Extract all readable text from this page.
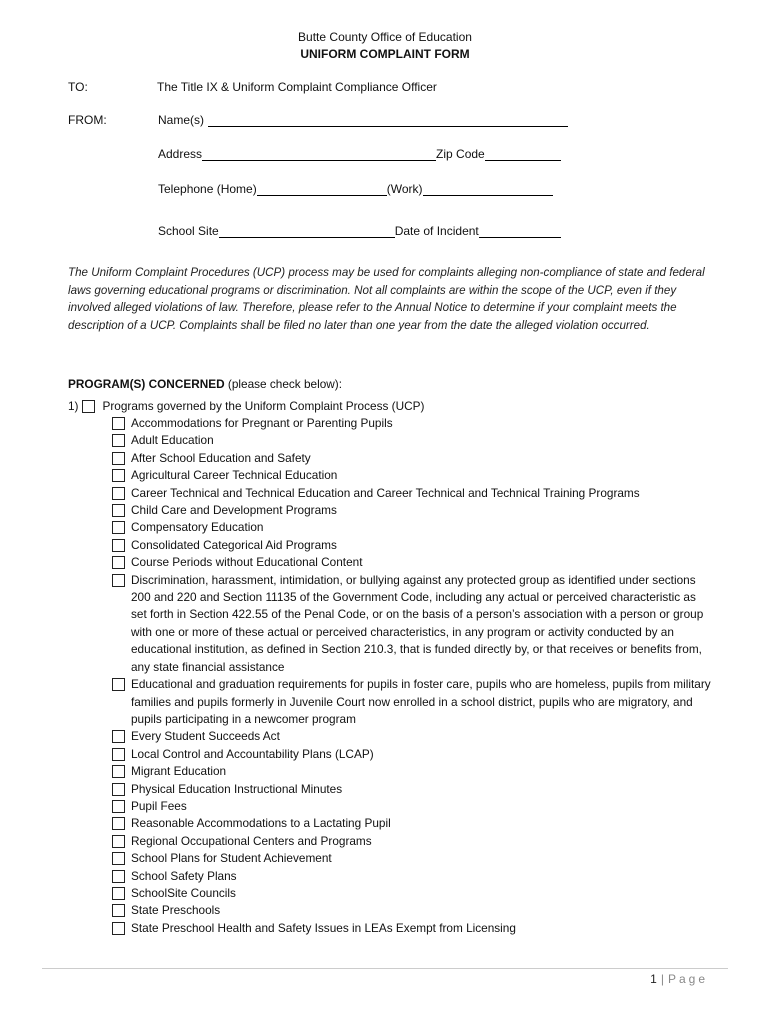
Butte County Office of Education
UNIFORM COMPLAINT FORM
TO:	The Title IX & Uniform Complaint Compliance Officer
FROM:	Name(s)
Address	Zip Code
Telephone (Home)	(Work)
School Site	Date of Incident
The Uniform Complaint Procedures (UCP) process may be used for complaints alleging non-compliance of state and federal laws governing educational programs or discrimination. Not all complaints are within the scope of the UCP, even if they involved alleged violations of law. Therefore, please refer to the Annual Notice to determine if your complaint meets the description of a UCP. Complaints shall be filed no later than one year from the date the alleged violation occurred.
PROGRAM(S) CONCERNED (please check below):
1) Programs governed by the Uniform Complaint Process (UCP)
Accommodations for Pregnant or Parenting Pupils
Adult Education
After School Education and Safety
Agricultural Career Technical Education
Career Technical and Technical Education and Career Technical and Technical Training Programs
Child Care and Development Programs
Compensatory Education
Consolidated Categorical Aid Programs
Course Periods without Educational Content
Discrimination, harassment, intimidation, or bullying against any protected group as identified under sections 200 and 220 and Section 11135 of the Government Code, including any actual or perceived characteristic as set forth in Section 422.55 of the Penal Code, or on the basis of a person’s association with a person or group with one or more of these actual or perceived characteristics, in any program or activity conducted by an educational institution, as defined in Section 210.3, that is funded directly by, or that receives or benefits from, any state financial assistance
Educational and graduation requirements for pupils in foster care, pupils who are homeless, pupils from military families and pupils formerly in Juvenile Court now enrolled in a school district, pupils who are migratory, and pupils participating in a newcomer program
Every Student Succeeds Act
Local Control and Accountability Plans (LCAP)
Migrant Education
Physical Education Instructional Minutes
Pupil Fees
Reasonable Accommodations to a Lactating Pupil
Regional Occupational Centers and Programs
School Plans for Student Achievement
School Safety Plans
SchoolSite Councils
State Preschools
State Preschool Health and Safety Issues in LEAs Exempt from Licensing
1 | Page
